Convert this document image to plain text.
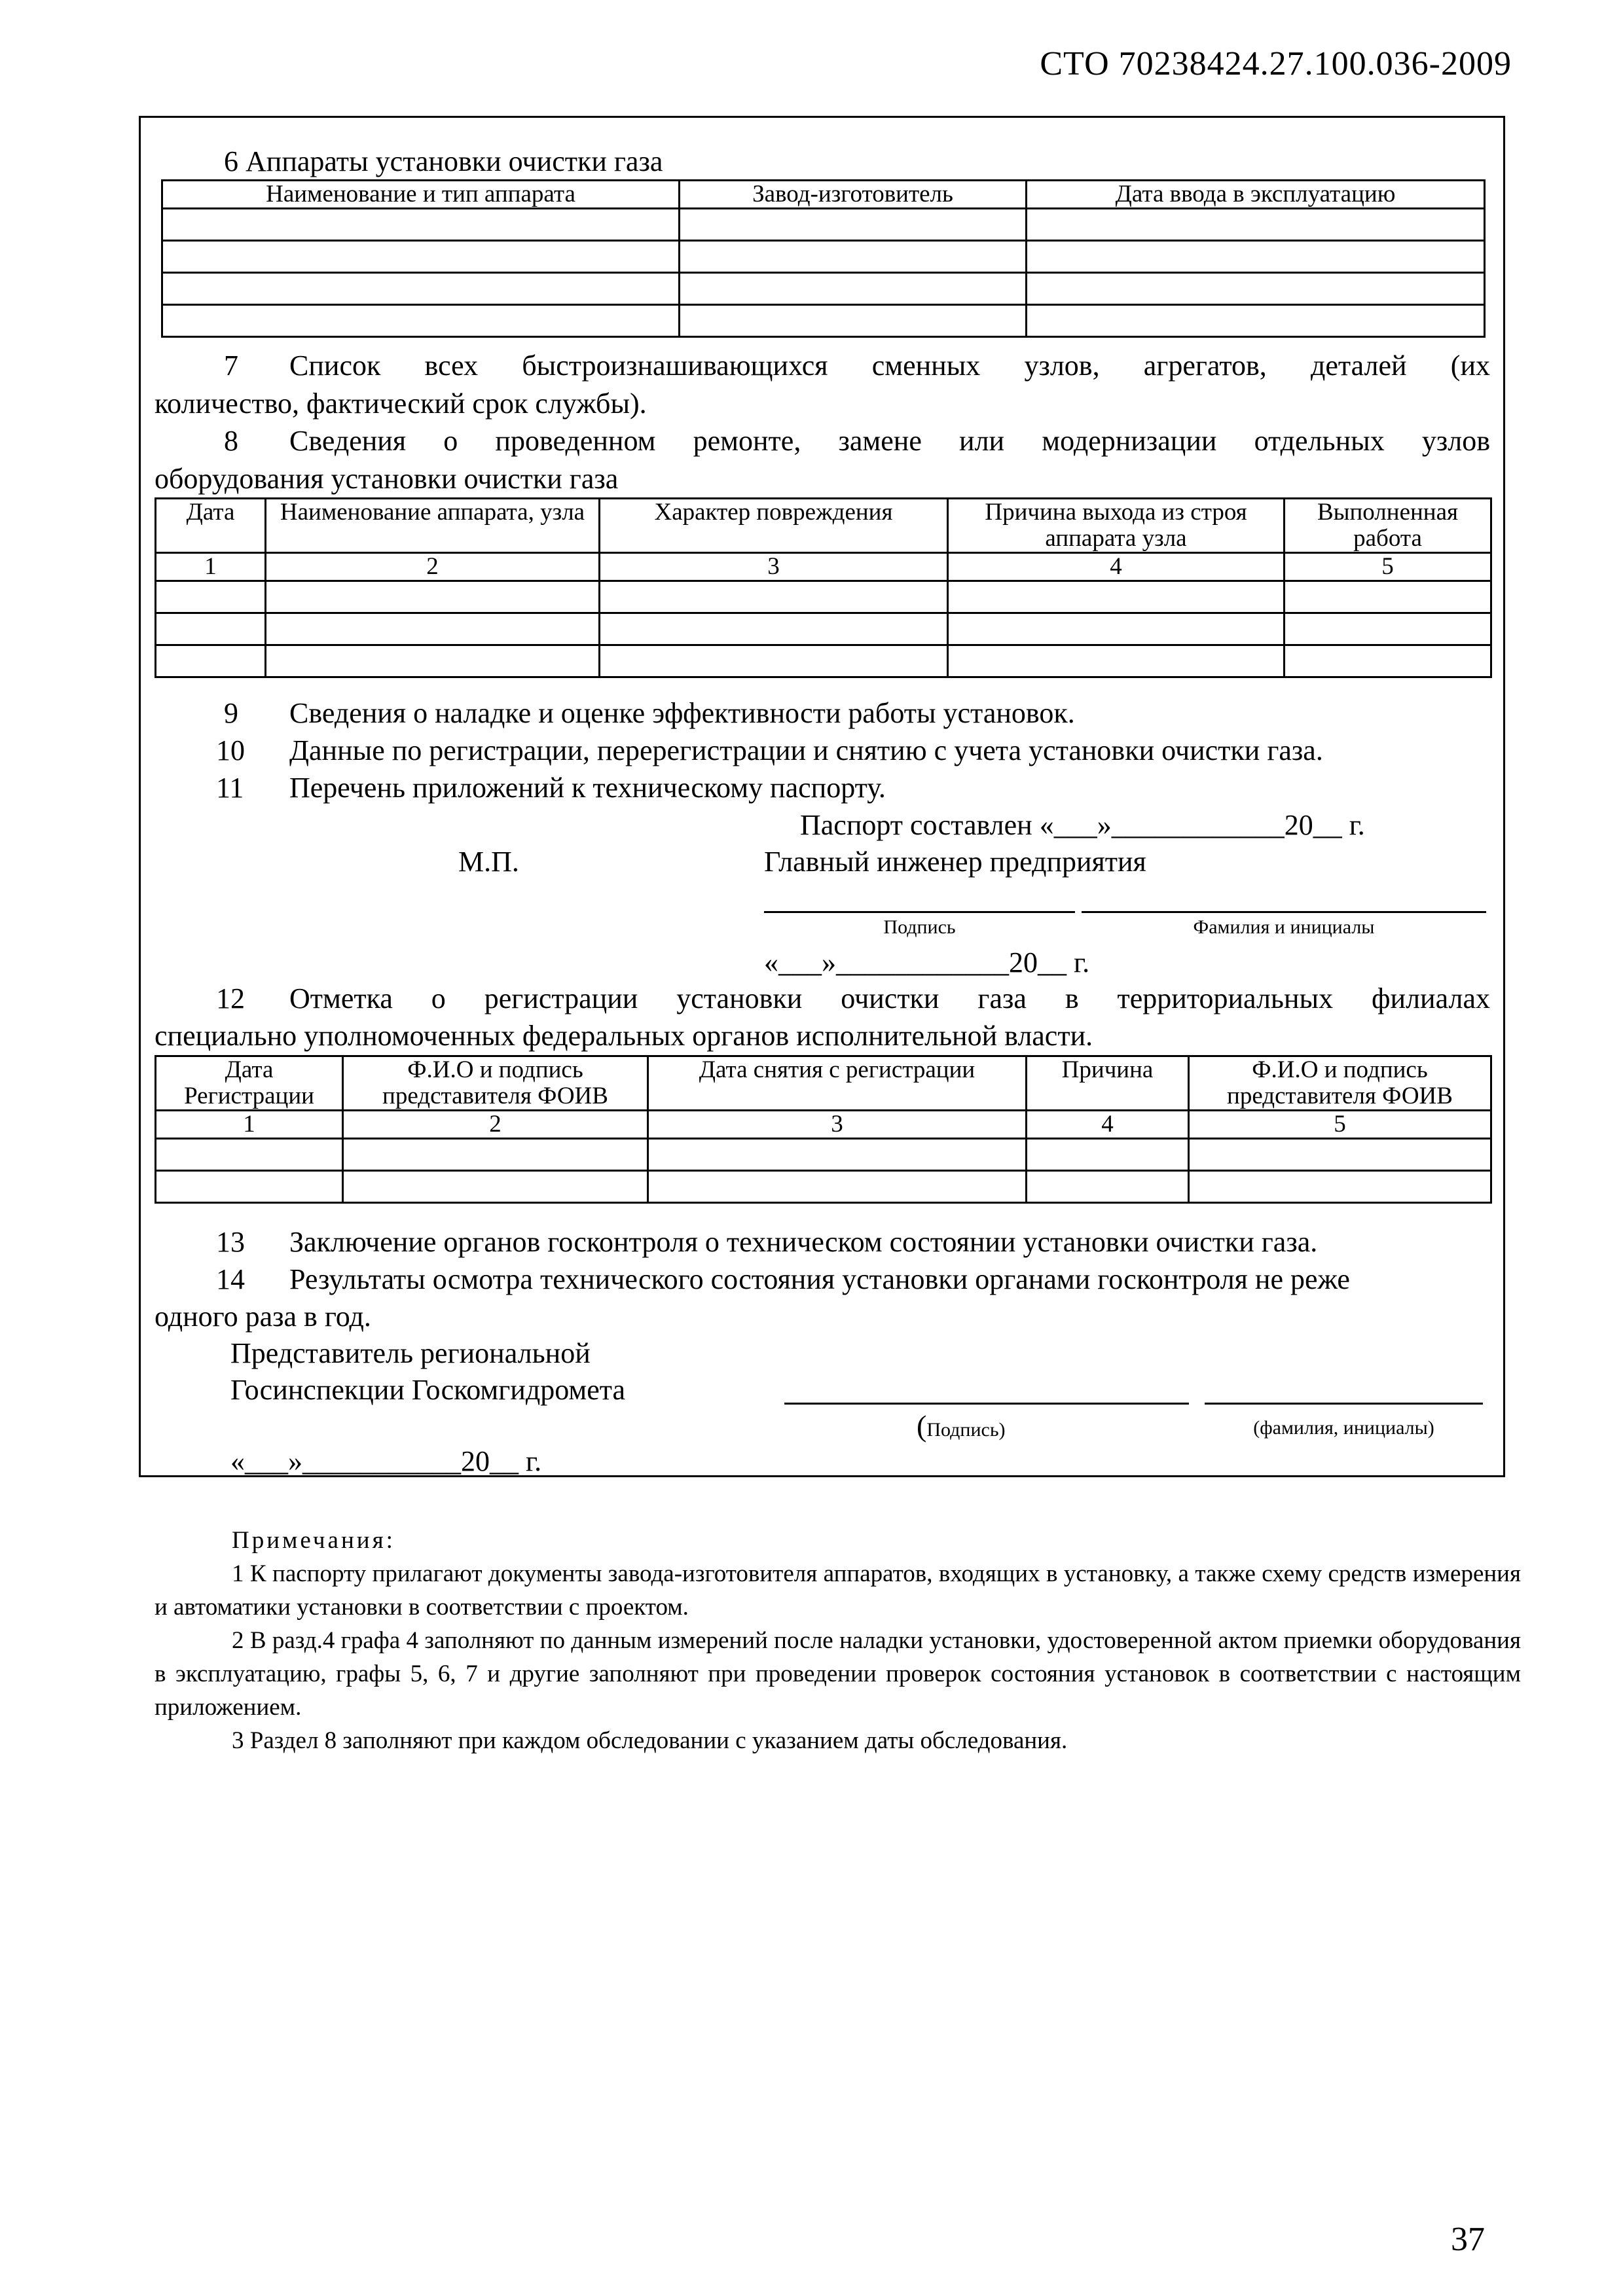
СТО 70238424.27.100.036-2009
6 Аппараты установки очистки газа
Наименование и тип аппарата	Завод-изготовитель	Дата ввода в эксплуатацию

7 Список всех быстроизнашивающихся сменных узлов, агрегатов, деталей (их
количество, фактический срок службы).
8 Сведения о проведенном ремонте, замене или модернизации отдельных узлов
оборудования установки очистки газа
Дата	Наименование аппарата, узла	Характер повреждения	Причина выхода из строя аппарата узла	Выполненная работа
1	2	3	4	5

9 Сведения о наладке и оценке эффективности работы установок.
10 Данные по регистрации, перерегистрации и снятию с учета установки очистки газа.
11 Перечень приложений к техническому паспорту.
Паспорт составлен «___»____________20__ г.
М.П.	Главный инженер предприятия
Подпись	Фамилия и инициалы
«___»____________20__ г.
12 Отметка о регистрации установки очистки газа в территориальных филиалах
специально уполномоченных федеральных органов исполнительной власти.
Дата Регистрации	Ф.И.О и подпись представителя ФОИВ	Дата снятия с регистрации	Причина	Ф.И.О и подпись представителя ФОИВ
1	2	3	4	5

13 Заключение органов госконтроля о техническом состоянии установки очистки газа.
14 Результаты осмотра технического состояния установки органами госконтроля не реже
одного раза в год.
Представитель региональной
Госинспекции Госкомгидромета
(Подпись)	(фамилия, инициалы)
«___»___________20__ г.

Примечания:

1 К паспорту прилагают документы завода-изготовителя аппаратов, входящих в установку, а также схему средств измерения и автоматики установки в соответствии с проектом.

2 В разд.4 графа 4 заполняют по данным измерений после наладки установки, удостоверенной актом приемки оборудования в эксплуатацию, графы 5, 6, 7 и другие заполняют при проведении проверок состояния установок в соответствии с настоящим приложением.

3 Раздел 8 заполняют при каждом обследовании с указанием даты обследования.

37
